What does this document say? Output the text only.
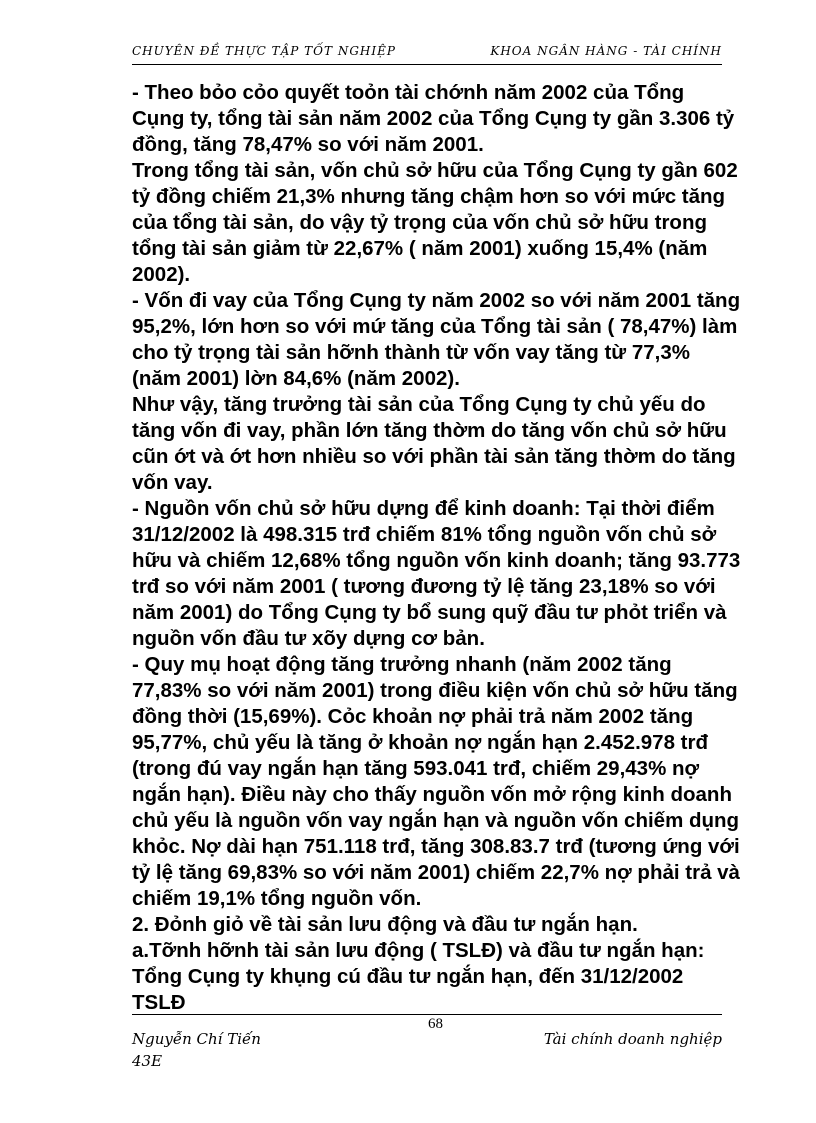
CHUYÊN ĐỀ THỰC TẬP TỐT NGHIỆP	KHOA NGÂN HÀNG - TÀI CHÍNH

- Theo bỏo cỏo quyết toỏn tài chớnh năm 2002 của Tổng Cụng ty, tổng tài sản năm 2002 của Tổng Cụng ty gần 3.306 tỷ đồng, tăng 78,47% so với năm 2001.

Trong tổng tài sản, vốn chủ sở hữu của Tổng Cụng ty gần 602 tỷ đồng chiếm 21,3% nhưng tăng chậm hơn so với mức tăng của tổng tài sản, do vậy tỷ trọng của vốn chủ sở hữu trong tổng tài sản giảm từ 22,67% ( năm 2001) xuống 15,4% (năm 2002).

- Vốn đi vay của Tổng Cụng ty năm 2002 so với năm 2001 tăng 95,2%, lớn hơn so với mứ tăng của Tổng tài sản ( 78,47%) làm cho tỷ trọng tài sản hỡnh thành từ vốn vay tăng từ 77,3% (năm 2001) lờn 84,6% (năm 2002).

Như vậy, tăng trưởng tài sản của Tổng Cụng ty chủ yếu do tăng vốn đi vay, phần lớn tăng thờm do tăng vốn chủ sở hữu cũn ớt và ớt hơn nhiều so với phần tài sản tăng thờm do tăng vốn vay.

- Nguồn vốn chủ sở hữu dựng để kinh doanh: Tại thời điểm 31/12/2002 là 498.315 trđ chiếm 81% tổng nguồn vốn chủ sở hữu và chiếm 12,68% tổng nguồn vốn kinh doanh; tăng 93.773 trđ so với năm 2001 ( tương đương tỷ lệ tăng 23,18% so với năm 2001) do Tổng Cụng ty bổ sung quỹ đầu tư phỏt triển và nguồn vốn đầu tư xõy dựng cơ bản.

- Quy mụ hoạt động tăng trưởng nhanh (năm 2002 tăng 77,83% so với năm 2001) trong điều kiện vốn chủ sở hữu tăng đồng thời (15,69%). Cỏc khoản nợ phải trả năm 2002 tăng 95,77%, chủ yếu là tăng ở khoản nợ ngắn hạn 2.452.978 trđ (trong đú vay ngắn hạn tăng 593.041 trđ, chiếm 29,43% nợ ngắn hạn). Điều này cho thấy nguồn vốn mở rộng kinh doanh chủ yếu là nguồn vốn vay ngắn hạn và nguồn vốn chiếm dụng khỏc. Nợ dài hạn 751.118 trđ, tăng 308.83.7 trđ (tương ứng với tỷ lệ tăng 69,83% so với năm 2001) chiếm 22,7% nợ phải trả và chiếm 19,1% tổng nguồn vốn.

2. Đỏnh giỏ về tài sản lưu động và đầu tư ngắn hạn.

a.Tỡnh hỡnh tài sản lưu động ( TSLĐ) và đầu tư ngắn hạn: Tổng Cụng ty khụng cú đầu tư ngắn hạn, đến 31/12/2002 TSLĐ

68
Nguyễn Chí Tiến
43E
Tài chính doanh nghiệp
